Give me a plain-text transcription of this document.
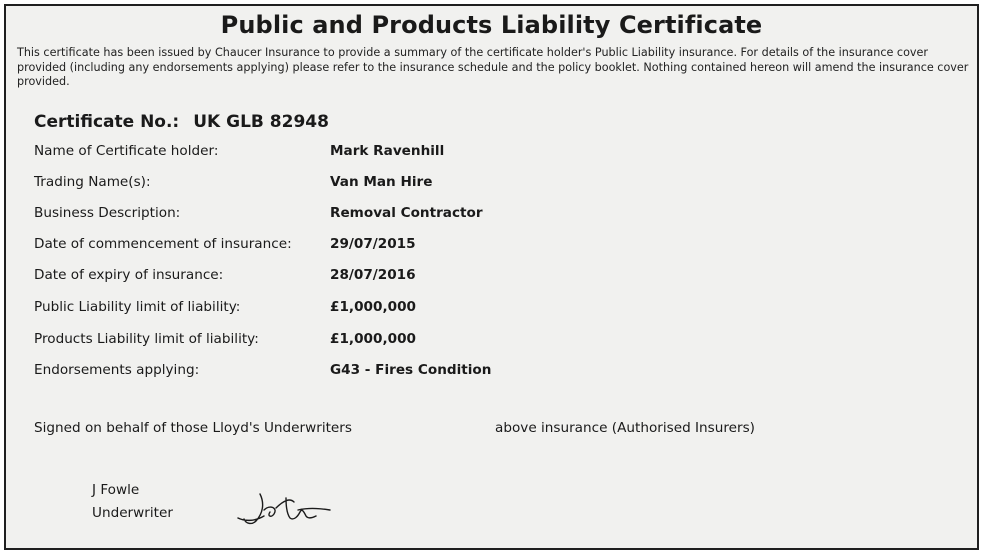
Public and Products Liability Certificate
This certificate has been issued by Chaucer Insurance to provide a summary of the certificate holder's Public Liability insurance. For details of the insurance cover provided (including any endorsements applying) please refer to the insurance schedule and the policy booklet. Nothing contained hereon will amend the insurance cover provided.
Certificate No.: UK GLB 82948
Name of Certificate holder:	Mark Ravenhill
Trading Name(s):	Van Man Hire
Business Description:	Removal Contractor
Date of commencement of insurance:	29/07/2015
Date of expiry of insurance:	28/07/2016
Public Liability limit of liability:	£1,000,000
Products Liability limit of liability:	£1,000,000
Endorsements applying:	G43 - Fires Condition
Signed on behalf of those Lloyd's Underwriters	above insurance (Authorised Insurers)
J Fowle
Underwriter
